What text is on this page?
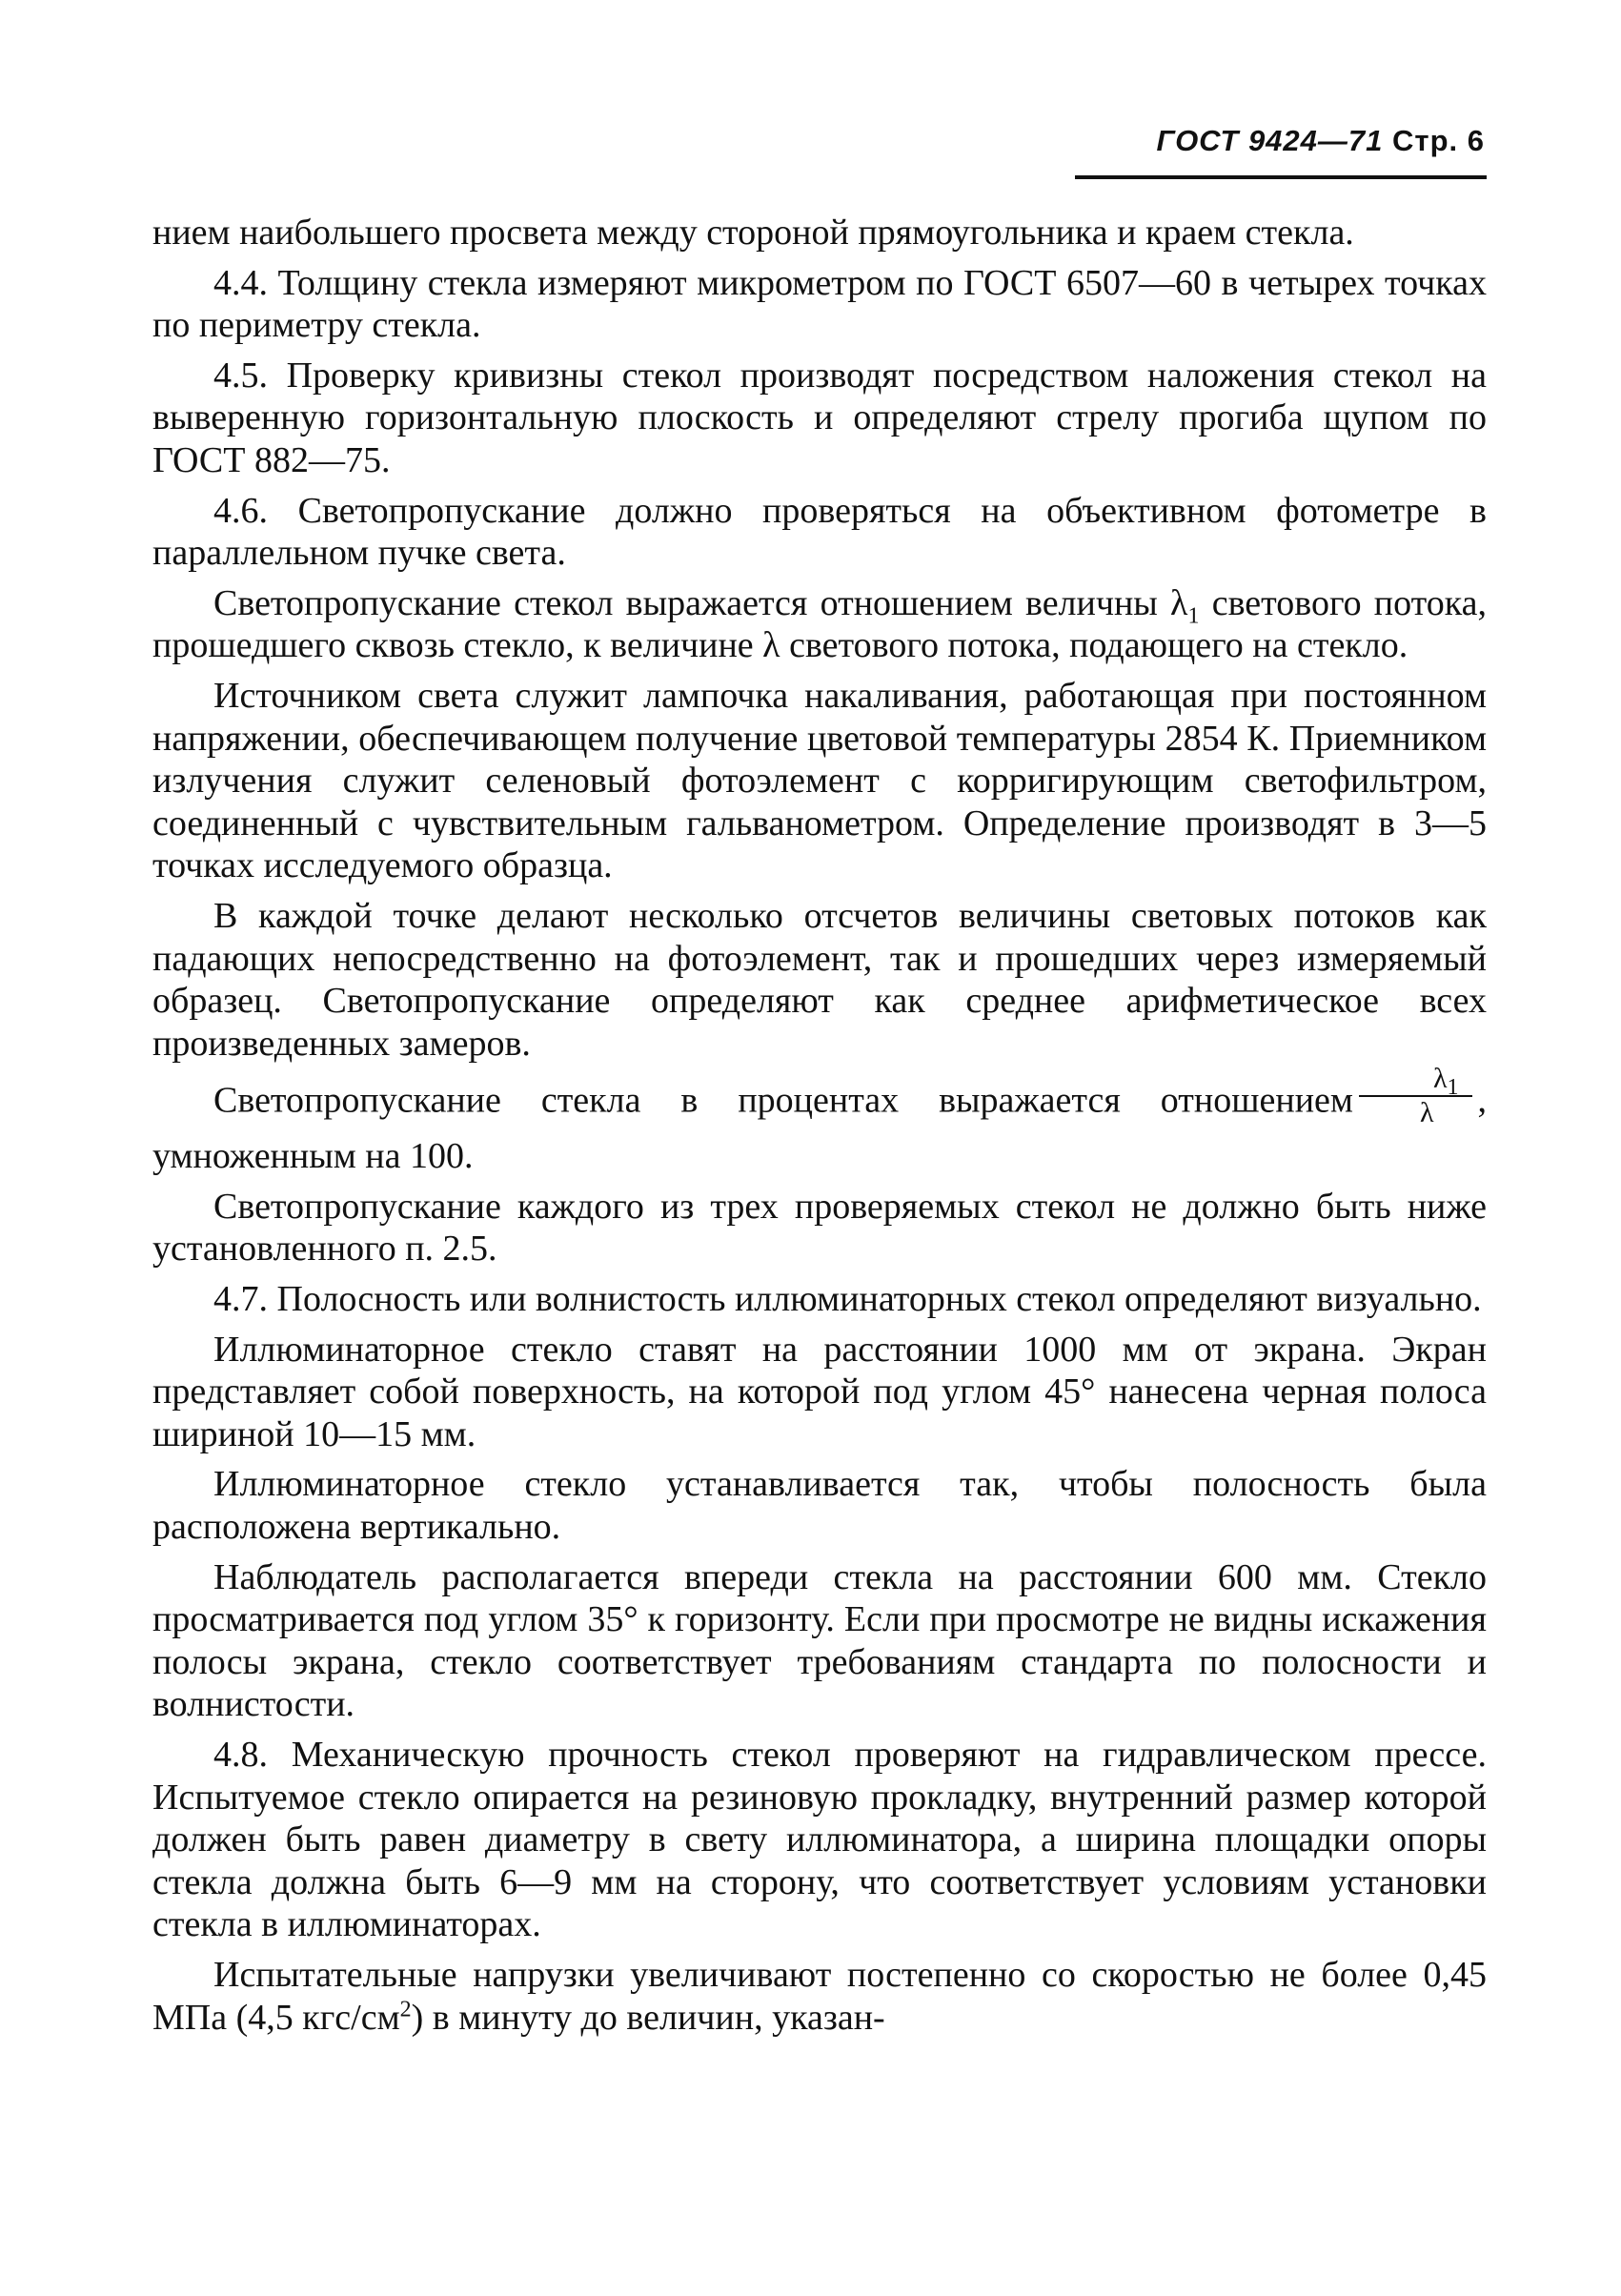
ГОСТ 9424—71 Стр. 6

нием наибольшего просвета между стороной прямоугольника и краем стекла.

4.4. Толщину стекла измеряют микрометром по ГОСТ 6507—60 в четырех точках по периметру стекла.

4.5. Проверку кривизны стекол производят посредством наложения стекол на выверенную горизонтальную плоскость и определяют стрелу прогиба щупом по ГОСТ 882—75.

4.6. Светопропускание должно проверяться на объективном фотометре в параллельном пучке света.

Светопропускание стекол выражается отношением величны $\lambda_1$ светового потока, прошедшего сквозь стекло, к величине λ светового потока, подающего на стекло.

Источником света служит лампочка накаливания, работающая при постоянном напряжении, обеспечивающем получение цветовой температуры 2854 К. Приемником излучения служит селеновый фотоэлемент с корригирующим светофильтром, соединенный с чувствительным гальванометром. Определение производят в 3—5 точках исследуемого образца.

В каждой точке делают несколько отсчетов величины световых потоков как падающих непосредственно на фотоэлемент, так и прошедших через измеряемый образец. Светопропускание определяют как среднее арифметическое всех произведенных замеров.

Светопропускание стекла в процентах выражается отношением $\frac{\lambda_1}{\lambda}$ , умноженным на 100.

Светопропускание каждого из трех проверяемых стекол не должно быть ниже установленного п. 2.5.

4.7. Полосность или волнистость иллюминаторных стекол определяют визуально.

Иллюминаторное стекло ставят на расстоянии 1000 мм от экрана. Экран представляет собой поверхность, на которой под углом 45° нанесена черная полоса шириной 10—15 мм.

Иллюминаторное стекло устанавливается так, чтобы полосность была расположена вертикально.

Наблюдатель располагается впереди стекла на расстоянии 600 мм. Стекло просматривается под углом 35° к горизонту. Если при просмотре не видны искажения полосы экрана, стекло соответствует требованиям стандарта по полосности и волнистости.

4.8. Механическую прочность стекол проверяют на гидравлическом прессе. Испытуемое стекло опирается на резиновую прокладку, внутренний размер которой должен быть равен диаметру в свету иллюминатора, а ширина площадки опоры стекла должна быть 6—9 мм на сторону, что соответствует условиям установки стекла в иллюминаторах.

Испытательные напрузки увеличивают постепенно со скоростью не более 0,45 МПа (4,5 кгс/$см^2$) в минуту до величин, указан-
